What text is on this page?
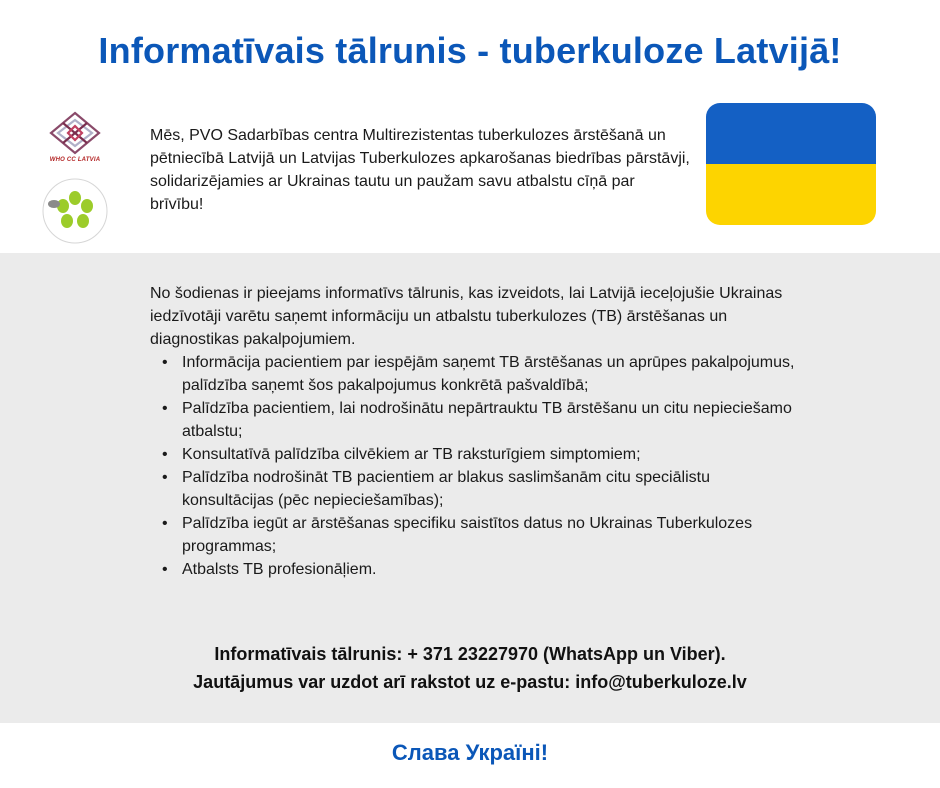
Informatīvais tālrunis - tuberkuloze Latvijā!
WHO CC LATVIA
Mēs, PVO Sadarbības centra Multirezistentas tuberkulozes ārstēšanā un pētniecībā Latvijā un Latvijas Tuberkulozes apkarošanas biedrības pārstāvji, solidarizējamies ar Ukrainas tautu un paužam savu atbalstu cīņā par brīvību!

No šodienas ir pieejams informatīvs tālrunis, kas izveidots, lai Latvijā ieceļojušie Ukrainas iedzīvotāji varētu saņemt informāciju un atbalstu tuberkulozes (TB) ārstēšanas un diagnostikas pakalpojumiem.

• Informācija pacientiem par iespējām saņemt TB ārstēšanas un aprūpes pakalpojumus, palīdzība saņemt šos pakalpojumus konkrētā pašvaldībā;
• Palīdzība pacientiem, lai nodrošinātu nepārtrauktu TB ārstēšanu un citu nepieciešamo atbalstu;
• Konsultatīvā palīdzība cilvēkiem ar TB raksturīgiem simptomiem;
• Palīdzība nodrošināt TB pacientiem ar blakus saslimšanām citu speciālistu konsultācijas (pēc nepieciešamības);
• Palīdzība iegūt ar ārstēšanas specifiku saistītos datus no Ukrainas Tuberkulozes programmas;
• Atbalsts TB profesionāļiem.
Informatīvais tālrunis: + 371 23227970 (WhatsApp un Viber).
Jautājumus var uzdot arī rakstot uz e-pastu: info@tuberkuloze.lv
Слава Україні!
